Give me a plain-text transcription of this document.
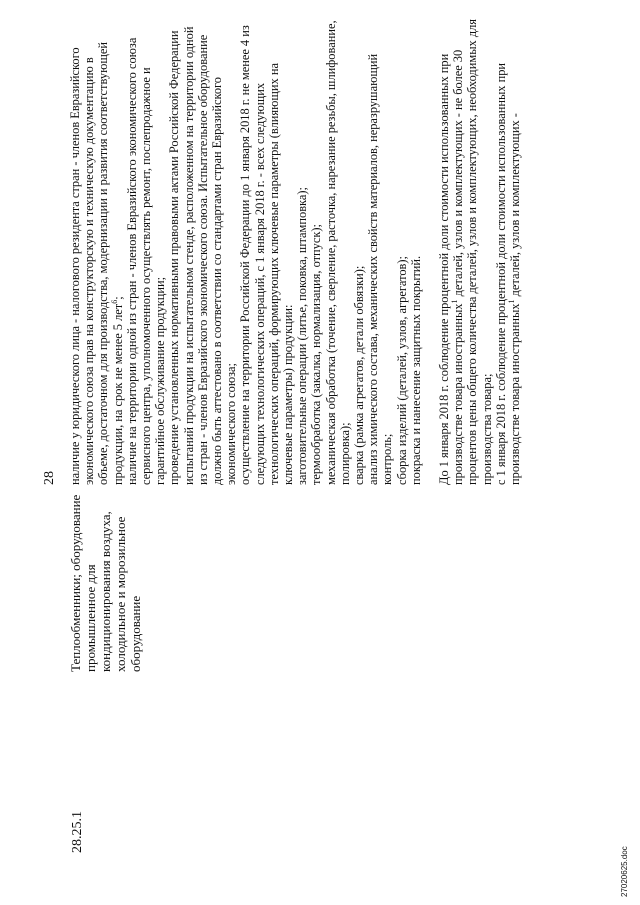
28
28.25.1
Теплообменники; оборудование промышленное для кондиционирования воздуха, холодильное и морозильное оборудование

наличие у юридического лица - налогового резидента стран - членов Евразийского экономического союза прав на конструкторскую и техническую документацию в объеме, достаточном для производства, модернизации и развития соответствующей продукции, на срок не менее 5 лет$^6$; наличие на территории одной из стран - членов Евразийского экономического союза сервисного центра, уполномоченного осуществлять ремонт, послепродажное и гарантийное обслуживание продукции; проведение установленных нормативными правовыми актами Российской Федерации испытаний продукции на испытательном стенде, расположенном на территории одной из стран - членов Евразийского экономического союза. Испытательное оборудование должно быть аттестовано в соответствии со стандартами стран Евразийского экономического союза; осуществление на территории Российской Федерации до 1 января 2018 г. не менее 4 из следующих технологических операций, с 1 января 2018 г. - всех следующих технологических операций, формирующих ключевые параметры (влияющих на ключевые параметры) продукции: заготовительные операции (литье, поковка, штамповка); термообработка (закалка, нормализация, отпуск); механическая обработка (точение, сверление, расточка, нарезание резьбы, шлифование, полировка); сварка (рамка агрегатов, детали обвязки); анализ химического состава, механических свойств материалов, неразрушающий контроль; сборка изделий (деталей, узлов, агрегатов); покраска и нанесение защитных покрытий. До 1 января 2018 г. соблюдение процентной доли стоимости использованных при производстве товара иностранных$^1$ деталей, узлов и комплектующих - не более 30 процентов цены общего количества деталей, узлов и комплектующих, необходимых для производства товара; с 1 января 2018 г. соблюдение процентной доли стоимости использованных при производстве товара иностранных$^1$ деталей, узлов и комплектующих -

27020625.doc
